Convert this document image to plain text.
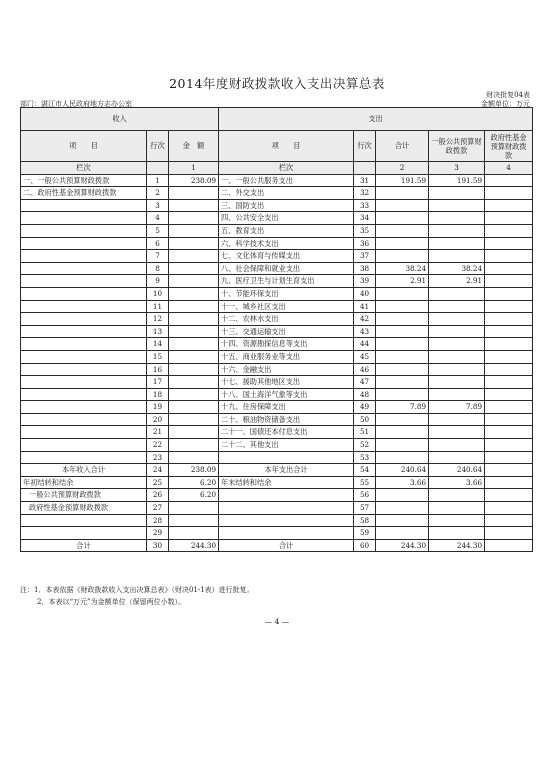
2014年度财政拨款收入支出决算总表
财决批复04表
部门：湛江市人民政府地方志办公室	金额单位：万元
收入			支出				
项　　目	行次	金　额	项　　目	行次	合计	一般公共预算财政拨款	政府性基金预算财政拨款
栏次		1	栏次		2	3	4
一、一般公共预算财政拨款	1	238.09	一、一般公共服务支出	31	191.59	191.59	
二、政府性基金预算财政拨款	2		二、外交支出	32			
	3		三、国防支出	33			
	4		四、公共安全支出	34			
	5		五、教育支出	35			
	6		六、科学技术支出	36			
	7		七、文化体育与传媒支出	37			
	8		八、社会保障和就业支出	38	38.24	38.24	
	9		九、医疗卫生与计划生育支出	39	2.91	2.91	
	10		十、节能环保支出	40			
	11		十一、城乡社区支出	41			
	12		十二、农林水支出	42			
	13		十三、交通运输支出	43			
	14		十四、资源勘探信息等支出	44			
	15		十五、商业服务业等支出	45			
	16		十六、金融支出	46			
	17		十七、援助其他地区支出	47			
	18		十八、国土海洋气象等支出	48			
	19		十九、住房保障支出	49	7.89	7.89	
	20		二十、粮油物资储备支出	50			
	21		二十一、国债还本付息支出	51			
	22		二十二、其他支出	52			
	23			53			
本年收入合计	24	238.09	本年支出合计	54	240.64	240.64	
年初结转和结余	25	6.20	年末结转和结余	55	3.66	3.66	
一般公共预算财政拨款	26	6.20		56			
政府性基金预算财政拨款	27			57			
	28			58			
	29			59			
合计	30	244.30	合计	60	244.30	244.30	
注：1．本表依据《财政拨款收入支出决算总表》（财决01-1表）进行批复。
2．本表以“万元”为金额单位（保留两位小数）。
— 4 —
